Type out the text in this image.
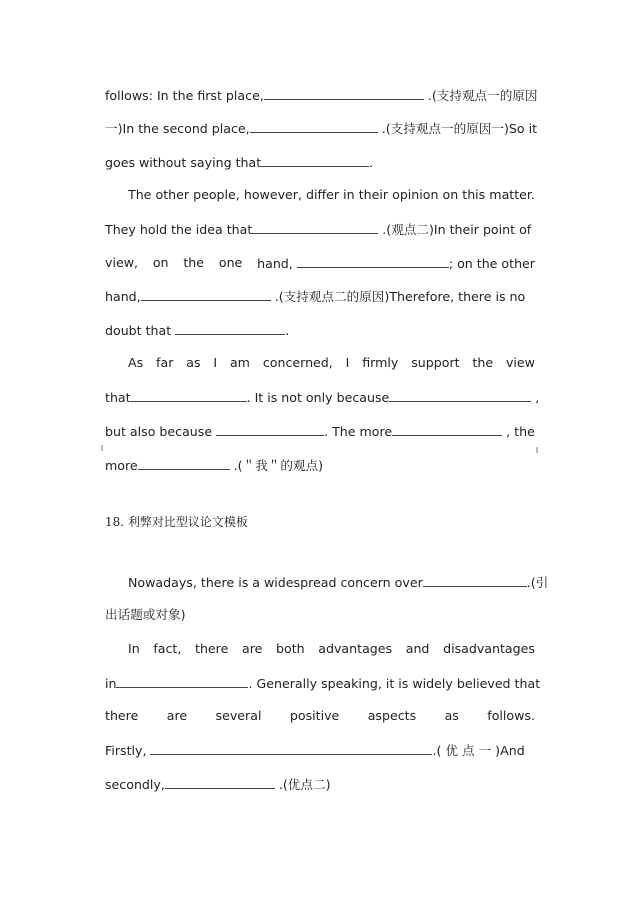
follows: In the first place,	.(支持观点一的原因
一)In the second place,	.(支持观点一的原因一)So it
goes without saying that	.
The other people, however, differ in their opinion on this matter.
They hold the idea that	.(观点二)In their point of
view, on the one hand,	; on the other
hand,	.(支持观点二的原因)Therefore, there is no
doubt that	.
As far as I am concerned, I firmly support the view
that	. It is not only because	,
but also because	. The more	, the
more	.(＂我＂的观点)
18. 利弊对比型议论文模板
Nowadays, there is a widespread concern over	.(引
出话题或对象)
In fact, there are both advantages and disadvantages
in	. Generally speaking, it is widely believed that
there are several positive aspects as follows.
Firstly,	.( 优 点 一 )And
secondly,	.(优点二)
